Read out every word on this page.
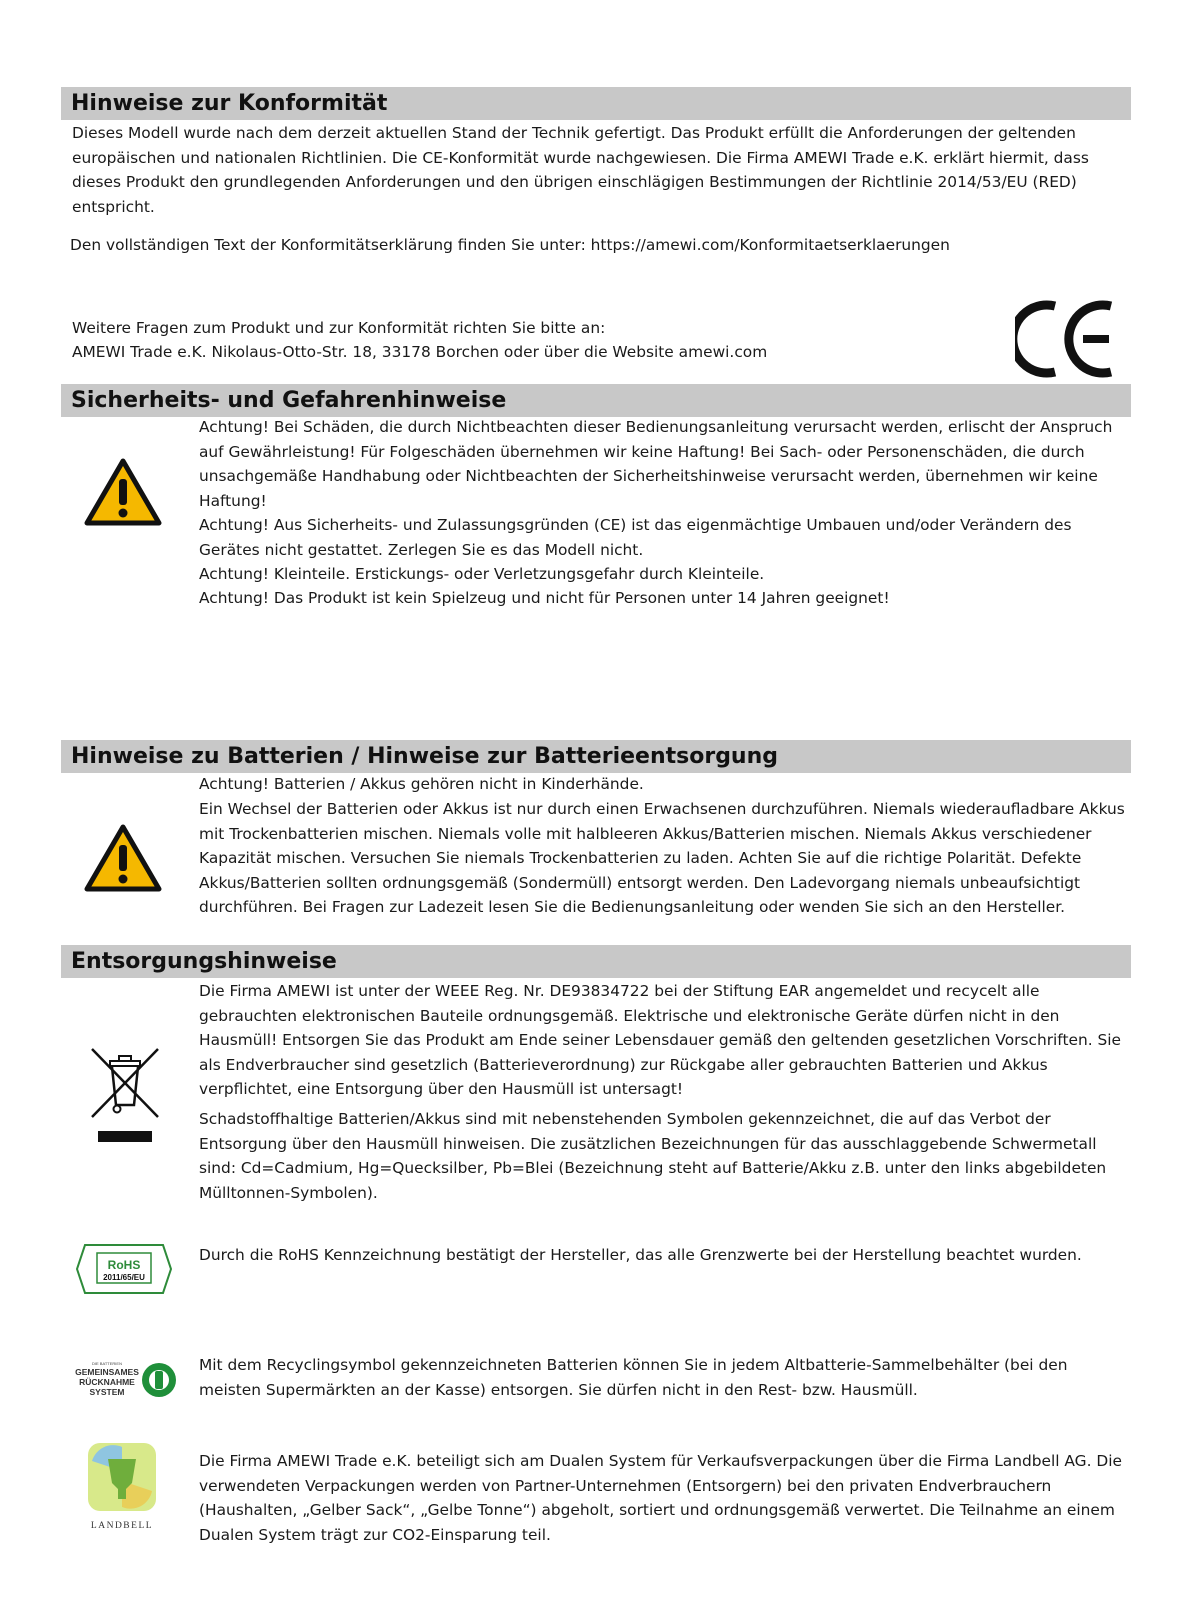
Hinweise zur Konformität

Dieses Modell wurde nach dem derzeit aktuellen Stand der Technik gefertigt. Das Produkt erfüllt die Anforderungen der geltenden europäischen und nationalen Richtlinien. Die CE-Konformität wurde nachgewiesen. Die Firma AMEWI Trade e.K. erklärt hiermit, dass dieses Produkt den grundlegenden Anforderungen und den übrigen einschlägigen Bestimmungen der Richtlinie 2014/53/EU (RED) entspricht.

Den vollständigen Text der Konformitätserklärung finden Sie unter: https://amewi.com/Konformitaetserklaerungen

Weitere Fragen zum Produkt und zur Konformität richten Sie bitte an:

AMEWI Trade e.K. Nikolaus-Otto-Str. 18, 33178 Borchen oder über die Website amewi.com

Sicherheits- und Gefahrenhinweise

Achtung! Bei Schäden, die durch Nichtbeachten dieser Bedienungsanleitung verursacht werden, erlischt der Anspruch auf Gewährleistung! Für Folgeschäden übernehmen wir keine Haftung! Bei Sach- oder Personenschäden, die durch unsachgemäße Handhabung oder Nichtbeachten der Sicherheitshinweise verursacht werden, übernehmen wir keine Haftung!

Achtung! Aus Sicherheits- und Zulassungsgründen (CE) ist das eigenmächtige Umbauen und/oder Verändern des Gerätes nicht gestattet. Zerlegen Sie es das Modell nicht.

Achtung! Kleinteile. Erstickungs- oder Verletzungsgefahr durch Kleinteile.

Achtung! Das Produkt ist kein Spielzeug und nicht für Personen unter 14 Jahren geeignet!

Hinweise zu Batterien / Hinweise zur Batterieentsorgung

Achtung! Batterien / Akkus gehören nicht in Kinderhände.

Ein Wechsel der Batterien oder Akkus ist nur durch einen Erwachsenen durchzuführen. Niemals wiederaufladbare Akkus mit Trockenbatterien mischen. Niemals volle mit halbleeren Akkus/Batterien mischen. Niemals Akkus verschiedener Kapazität mischen. Versuchen Sie niemals Trockenbatterien zu laden. Achten Sie auf die richtige Polarität. Defekte Akkus/Batterien sollten ordnungsgemäß (Sondermüll) entsorgt werden. Den Ladevorgang niemals unbeaufsichtigt durchführen. Bei Fragen zur Ladezeit lesen Sie die Bedienungsanleitung oder wenden Sie sich an den Hersteller.

Entsorgungshinweise

Die Firma AMEWI ist unter der WEEE Reg. Nr. DE93834722 bei der Stiftung EAR angemeldet und recycelt alle gebrauchten elektronischen Bauteile ordnungsgemäß. Elektrische und elektronische Geräte dürfen nicht in den Hausmüll! Entsorgen Sie das Produkt am Ende seiner Lebensdauer gemäß den geltenden gesetzlichen Vorschriften. Sie als Endverbraucher sind gesetzlich (Batterieverordnung) zur Rückgabe aller gebrauchten Batterien und Akkus verpflichtet, eine Entsorgung über den Hausmüll ist untersagt!

Schadstoffhaltige Batterien/Akkus sind mit nebenstehenden Symbolen gekennzeichnet, die auf das Verbot der Entsorgung über den Hausmüll hinweisen. Die zusätzlichen Bezeichnungen für das ausschlaggebende Schwermetall sind: Cd=Cadmium, Hg=Quecksilber, Pb=Blei (Bezeichnung steht auf Batterie/Akku z.B. unter den links abgebildeten Mülltonnen-Symbolen).

RoHS
2011/65/EU

Durch die RoHS Kennzeichnung bestätigt der Hersteller, das alle Grenzwerte bei der Herstellung beachtet wurden.

DIE BATTERIEN
GEMEINSAMES
RÜCKNAHME
SYSTEM

Mit dem Recyclingsymbol gekennzeichneten Batterien können Sie in jedem Altbatterie-Sammelbehälter (bei den meisten Supermärkten an der Kasse) entsorgen. Sie dürfen nicht in den Rest- bzw. Hausmüll.

LANDBELL

Die Firma AMEWI Trade e.K. beteiligt sich am Dualen System für Verkaufsverpackungen über die Firma Landbell AG. Die verwendeten Verpackungen werden von Partner-Unternehmen (Entsorgern) bei den privaten Endverbrauchern (Haushalten, „Gelber Sack“, „Gelbe Tonne“) abgeholt, sortiert und ordnungsgemäß verwertet. Die Teilnahme an einem Dualen System trägt zur CO2-Einsparung teil.
